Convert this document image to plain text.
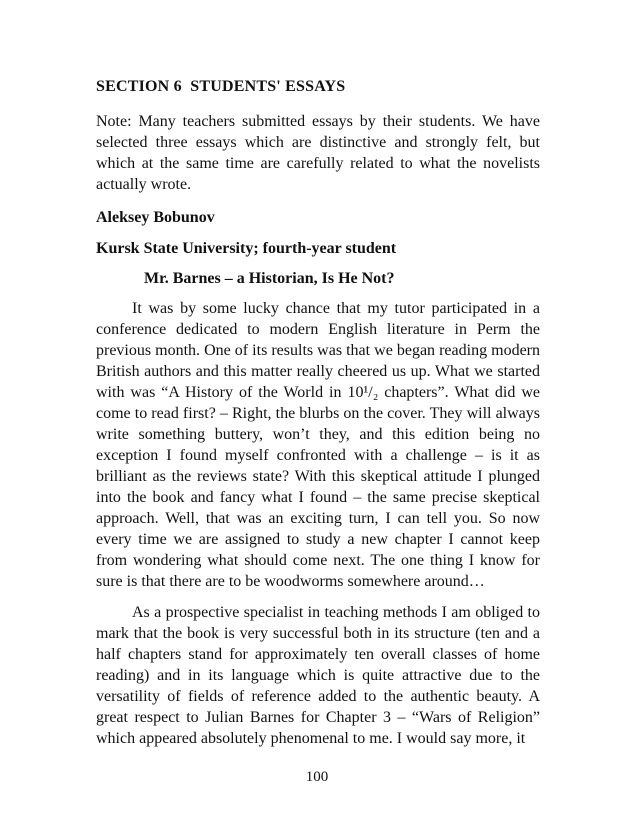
SECTION 6  STUDENTS' ESSAYS

Note: Many teachers submitted essays by their students. We have selected three essays which are distinctive and strongly felt, but which at the same time are carefully related to what the novelists actually wrote.

Aleksey Bobunov

Kursk State University; fourth-year student

Mr. Barnes – a Historian, Is He Not?

It was by some lucky chance that my tutor participated in a conference dedicated to modern English literature in Perm the previous month. One of its results was that we began reading modern British authors and this matter really cheered us up. What we started with was “A History of the World in 10¹/₂ chapters”. What did we come to read first? – Right, the blurbs on the cover. They will always write something buttery, won’t they, and this edition being no exception I found myself confronted with a challenge – is it as brilliant as the reviews state? With this skeptical attitude I plunged into the book and fancy what I found – the same precise skeptical approach. Well, that was an exciting turn, I can tell you. So now every time we are assigned to study a new chapter I cannot keep from wondering what should come next. The one thing I know for sure is that there are to be woodworms somewhere around…

As a prospective specialist in teaching methods I am obliged to mark that the book is very successful both in its structure (ten and a half chapters stand for approximately ten overall classes of home reading) and in its language which is quite attractive due to the versatility of fields of reference added to the authentic beauty. A great respect to Julian Barnes for Chapter 3 – “Wars of Religion” which appeared absolutely phenomenal to me. I would say more, it

100
